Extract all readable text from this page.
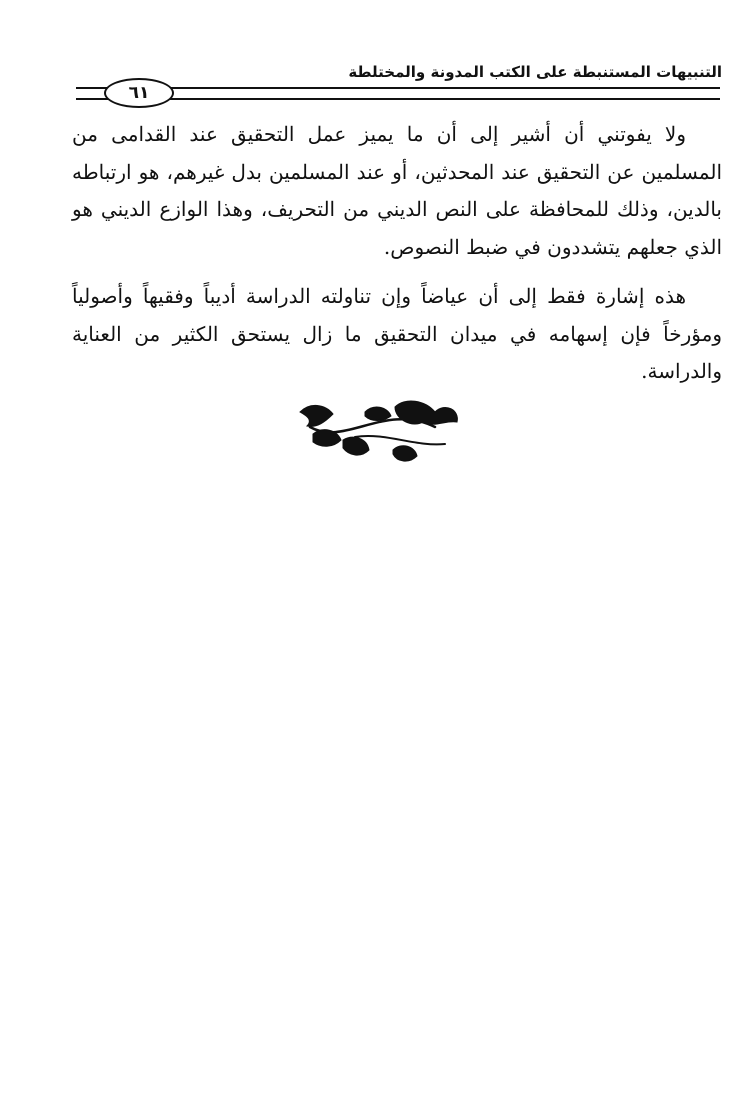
التنبيهات المستنبطة على الكتب المدونة والمختلطة
٦١

ولا يفوتني أن أشير إلى أن ما يميز عمل التحقيق عند القدامى من المسلمين عن التحقيق عند المحدثين، أو عند المسلمين بدل غيرهم، هو ارتباطه بالدين، وذلك للمحافظة على النص الديني من التحريف، وهذا الوازع الديني هو الذي جعلهم يتشددون في ضبط النصوص.

هذه إشارة فقط إلى أن عياضاً وإن تناولته الدراسة أديباً وفقيهاً وأصولياً ومؤرخاً فإن إسهامه في ميدان التحقيق ما زال يستحق الكثير من العناية والدراسة.
